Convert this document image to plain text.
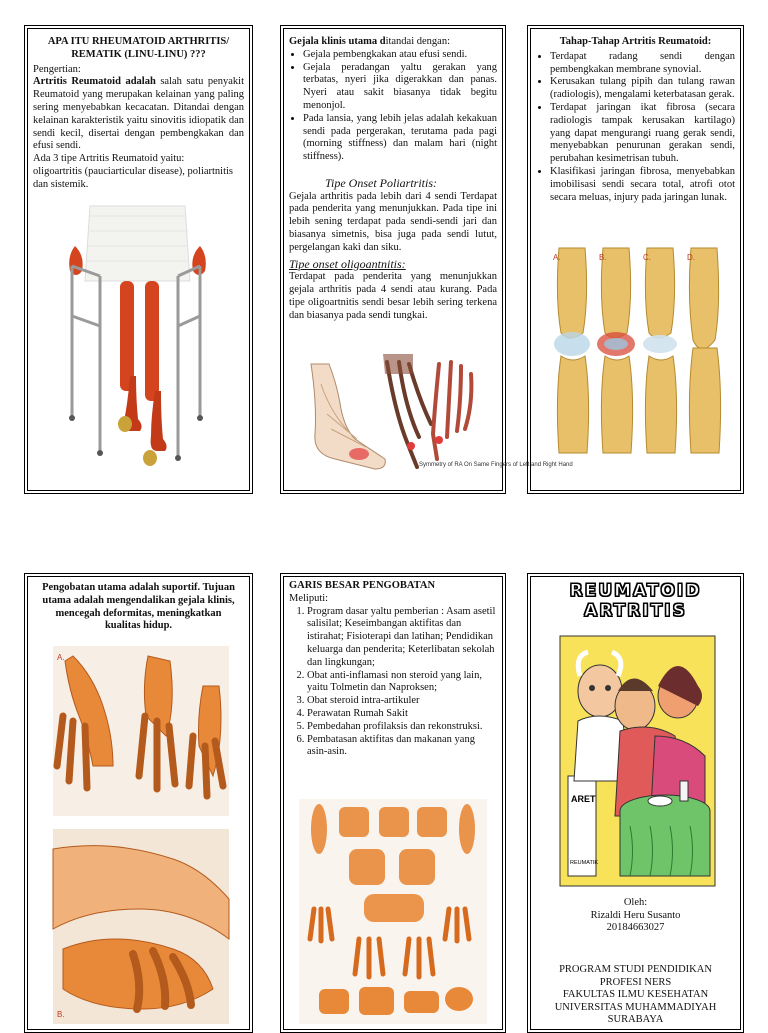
APA ITU RHEUMATOID ARTHRITIS/ REMATIK (LINU-LINU) ???

Pengertian:

Artritis Reumatoid adalah salah satu penyakit Reumatoid yang merupakan kelainan yang paling sering menyebabkan kecacatan. Ditandai dengan kelainan karakteristik yaitu sinovitis idiopatik dan sendi kecil, disertai dengan pembengkakan dan efusi sendi.

Ada 3 tipe Artritis Reumatoid yaitu:

oligoartritis (pauciarticular disease), poliartnitis dan sistemik.

Gejala klinis utama ditandai dengan:

• Gejala pembengkakan atau efusi sendi.
• Gejala peradangan yaltu gerakan yang terbatas, nyeri jika digerakkan dan panas. Nyeri atau sakit biasanya tidak begitu menonjol.
• Pada lansia, yang lebih jelas adalah kekakuan sendi pada pergerakan, terutama pada pagi (morning stiffness) dan malam hari (night stiffness).

Tipe Onset Poliartritis:

Gejala arthritis pada lebih dari 4 sendi Terdapat pada penderita yang menunjukkan. Pada tipe ini lebih sening terdapat pada sendi-sendi jari dan biasanya simetnis, bisa juga pada sendi lutut, pergelangan kaki dan siku.

Tipe onset oligoantnitis:

Terdapat pada penderita yang menunjukkan gejala arthritis pada 4 sendi atau kurang. Pada tipe oligoartnitis sendi besar lebih sering terkena dan biasanya pada sendi tungkai.

Symmetry of RA On Same Fingers of Left and Right Hand

Tahap-Tahap Artritis Reumatoid:

• Terdapat radang sendi dengan pembengkakan membrane synovial.
• Kerusakan tulang pipih dan tulang rawan (radiologis), mengalami keterbatasan gerak.
• Terdapat jaringan ikat fibrosa (secara radiologis tampak kerusakan kartilago) yang dapat mengurangi ruang gerak sendi, menyebabkan penurunan gerakan sendi, perubahan kesimetrisan tubuh.
• Klasifikasi jaringan fibrosa, menyebabkan imobilisasi sendi secara total, atrofi otot secara meluas, injury pada jaringan lunak.
A.	B.	C.	D.

Pengobatan utama adalah suportif. Tujuan utama adalah mengendalikan gejala klinis, mencegah deformitas, meningkatkan kualitas hidup.

A.
B.

GARIS BESAR PENGOBATAN

Meliputi:

1. Program dasar yaltu pemberian : Asam asetil salisilat; Keseimbangan aktifitas dan istirahat; Fisioterapi dan latihan; Pendidikan keluarga dan penderita; Keterlibatan sekolah dan lingkungan;
2. Obat anti-inflamasi non steroid yang lain, yaitu Tolmetin dan Naproksen;
3. Obat steroid intra-artikuler
4. Perawatan Rumah Sakit
5. Pembedahan profilaksis dan rekonstruksi.
6. Pembatasan aktifitas dan makanan yang asin-asin.
REUMATOID
ARTRITIS
ARET
REUMATIK
Oleh:
Rizaldi Heru Susanto
20184663027
PROGRAM STUDI PENDIDIKAN
PROFESI NERS
FAKULTAS ILMU KESEHATAN
UNIVERSITAS MUHAMMADIYAH
SURABAYA
